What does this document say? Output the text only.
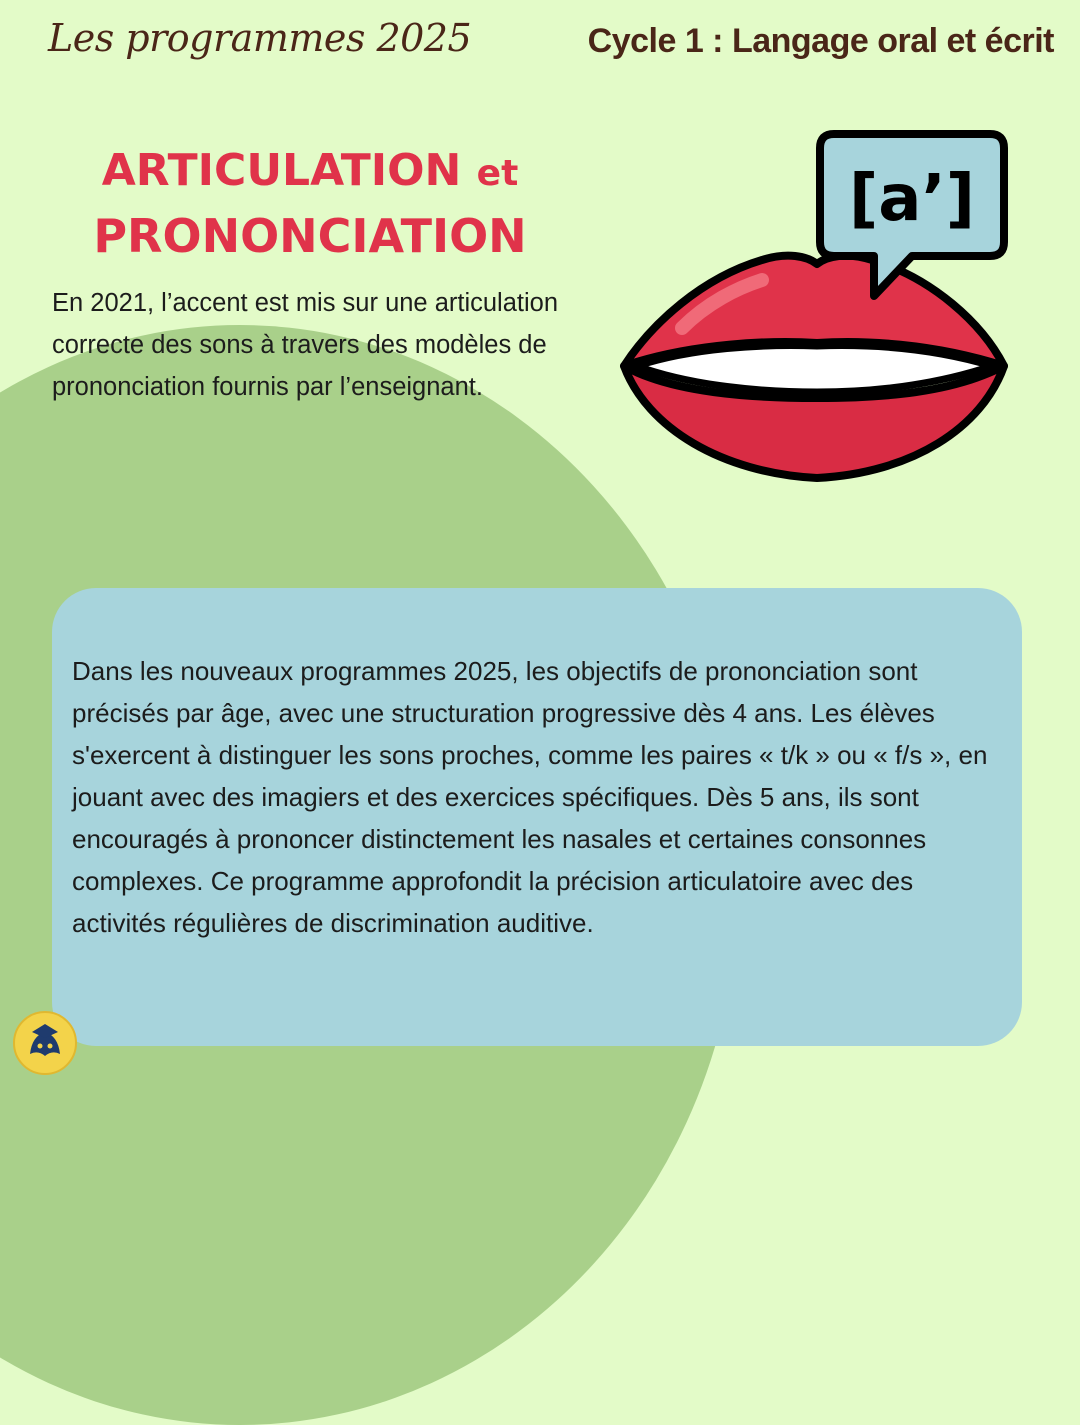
Les programmes 2025	Cycle 1 : Langage oral et écrit
ARTICULATION et
PRONONCIATION
En 2021, l’accent est mis sur une articulation correcte des sons à travers des modèles de prononciation fournis par l’enseignant.
[a’]
Dans les nouveaux programmes 2025, les objectifs de prononciation sont précisés par âge, avec une structuration progressive dès 4 ans. Les élèves s'exercent à distinguer les sons proches, comme les paires « t/k » ou « f/s », en jouant avec des imagiers et des exercices spécifiques. Dès 5 ans, ils sont encouragés à prononcer distinctement les nasales et certaines consonnes complexes. Ce programme approfondit la précision articulatoire avec des activités régulières de discrimination auditive.
